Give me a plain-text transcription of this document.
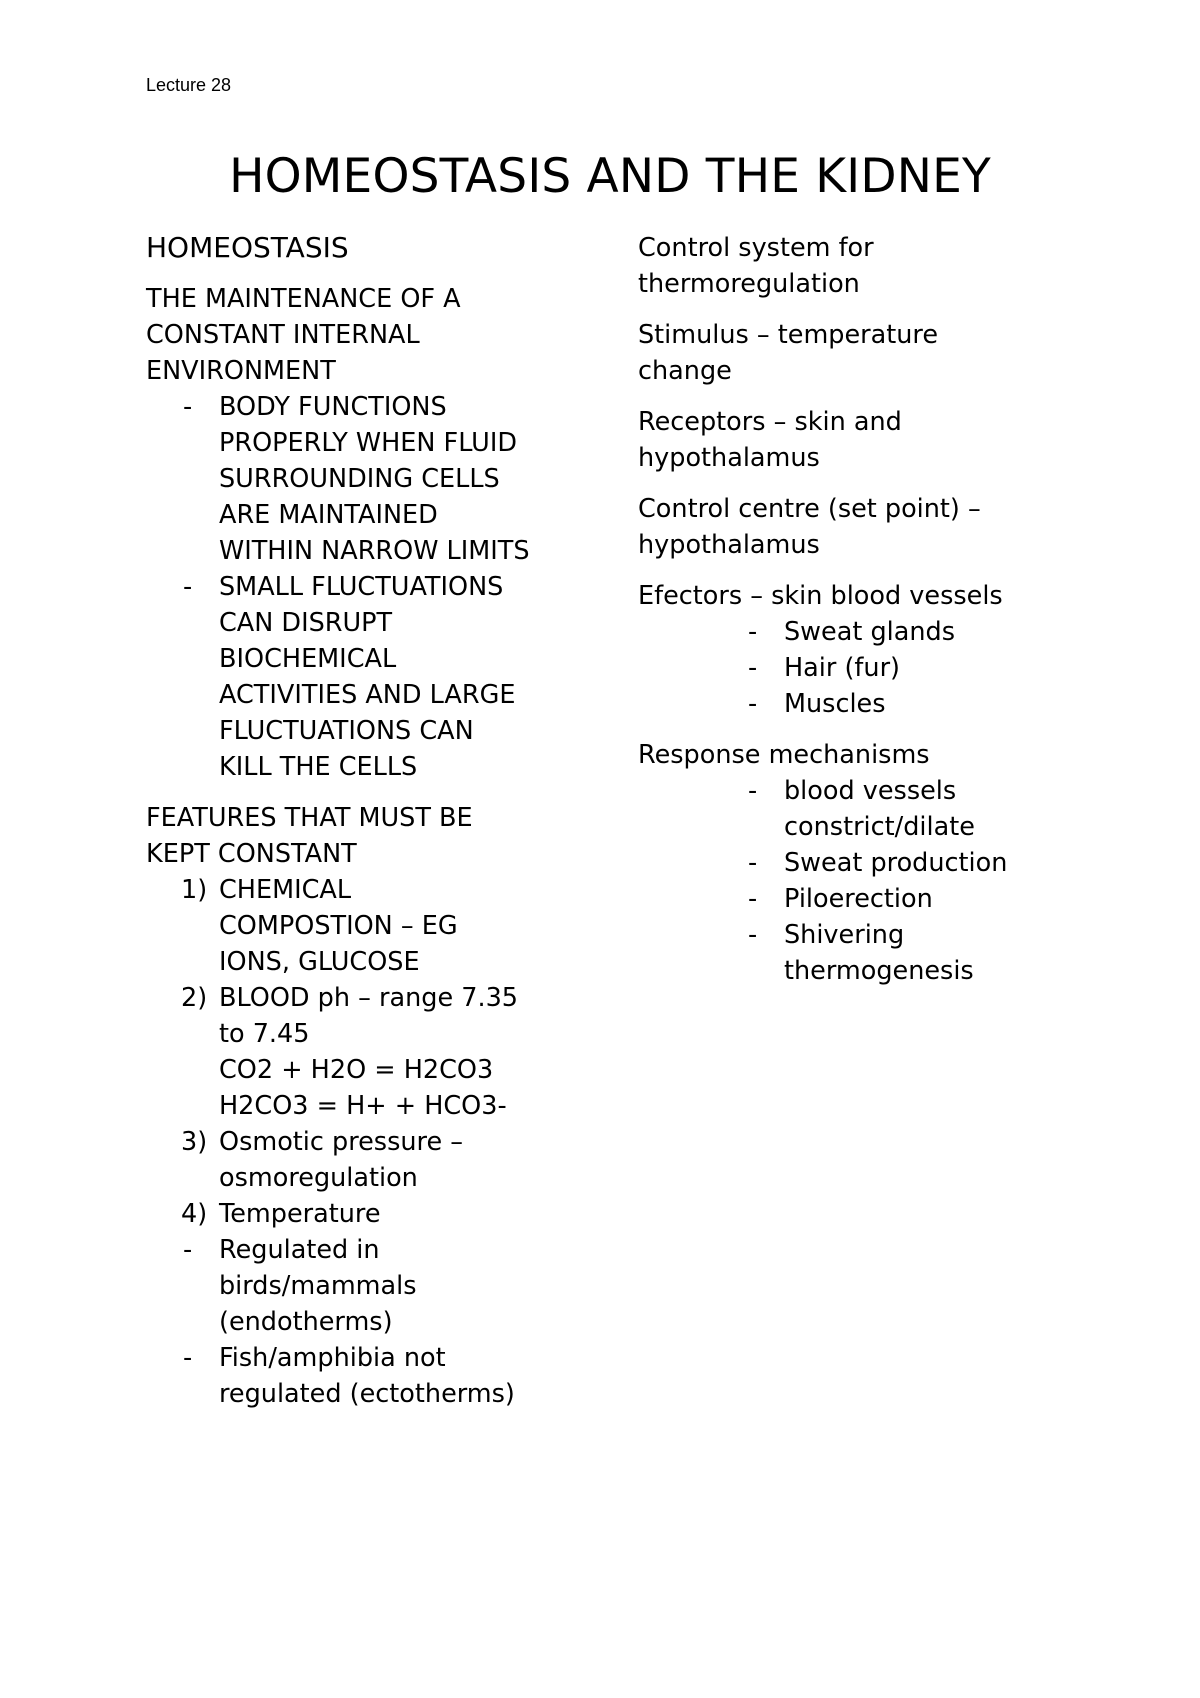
Lecture 28
HOMEOSTASIS AND THE KIDNEY

HOMEOSTASIS

THE MAINTENANCE OF A
CONSTANT INTERNAL
ENVIRONMENT
- BODY FUNCTIONS
PROPERLY WHEN FLUID
SURROUNDING CELLS
ARE MAINTAINED
WITHIN NARROW LIMITS
- SMALL FLUCTUATIONS
CAN DISRUPT
BIOCHEMICAL
ACTIVITIES AND LARGE
FLUCTUATIONS CAN
KILL THE CELLS
FEATURES THAT MUST BE
KEPT CONSTANT
1) CHEMICAL
COMPOSTION – EG
IONS, GLUCOSE
2) BLOOD ph – range 7.35
to 7.45
CO2 + H2O = H2CO3
H2CO3 = H+ + HCO3-
3) Osmotic pressure –
osmoregulation
4) Temperature
- Regulated in
birds/mammals
(endotherms)
- Fish/amphibia not
regulated (ectotherms)
Control system for
thermoregulation
Stimulus – temperature
change
Receptors – skin and
hypothalamus
Control centre (set point) –
hypothalamus
Efectors – skin blood vessels
- Sweat glands
- Hair (fur)
- Muscles
Response mechanisms
- blood vessels
constrict/dilate
- Sweat production
- Piloerection
- Shivering
thermogenesis
